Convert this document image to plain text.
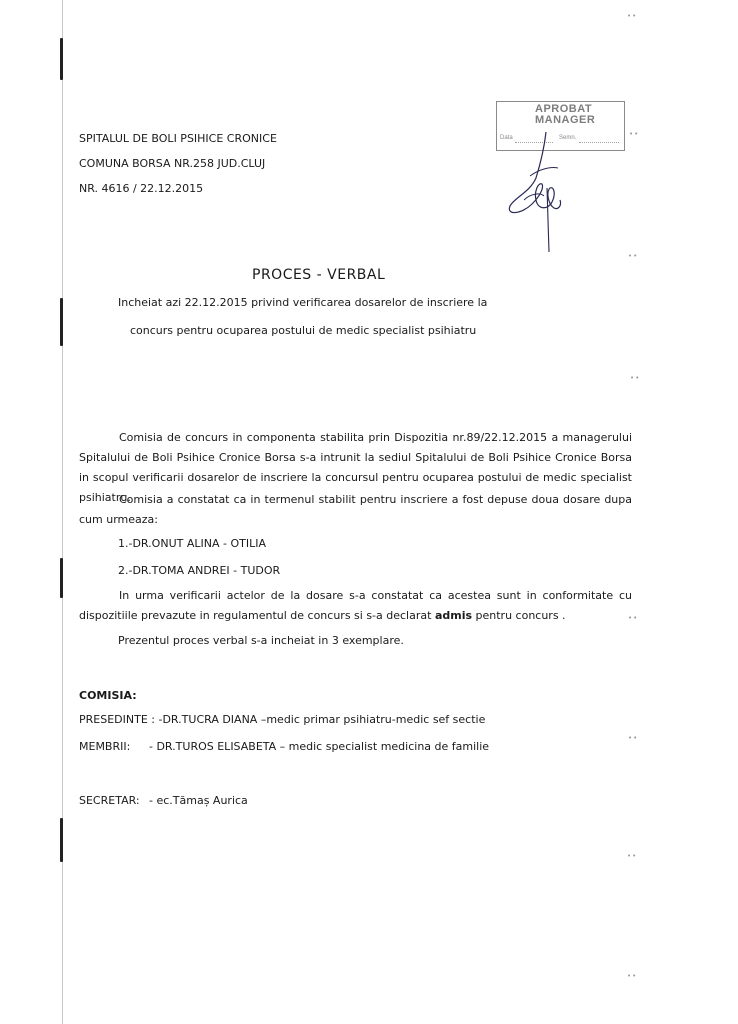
••
••
••
••
••
••
••
••
SPITALUL DE BOLI PSIHICE CRONICE
COMUNA BORSA NR.258 JUD.CLUJ
NR. 4616 / 22.12.2015
APROBAT
MANAGER
Data	Semn.
PROCES - VERBAL
Incheiat azi 22.12.2015 privind verificarea dosarelor de inscriere la
concurs pentru ocuparea postului de medic specialist psihiatru
Comisia de concurs in componenta stabilita prin Dispozitia nr.89/22.12.2015 a managerului Spitalului de Boli Psihice Cronice Borsa s-a intrunit la sediul Spitalului de Boli Psihice Cronice Borsa in scopul verificarii dosarelor de inscriere la concursul pentru ocuparea postului de medic specialist psihiatru.
Comisia a constatat ca in termenul stabilit pentru inscriere a fost depuse doua dosare dupa cum urmeaza:
1.-DR.ONUT ALINA - OTILIA
2.-DR.TOMA ANDREI - TUDOR
In urma verificarii actelor de la dosare s-a constatat ca acestea sunt in conformitate cu dispozitiile prevazute in regulamentul de concurs si s-a declarat admis pentru concurs .
Prezentul proces verbal s-a incheiat in 3 exemplare.
COMISIA:
PRESEDINTE : -DR.TUCRA DIANA –medic primar psihiatru-medic sef sectie
MEMBRII: - DR.TUROS ELISABETA – medic specialist medicina de familie
SECRETAR: - ec.Tămaș Aurica
